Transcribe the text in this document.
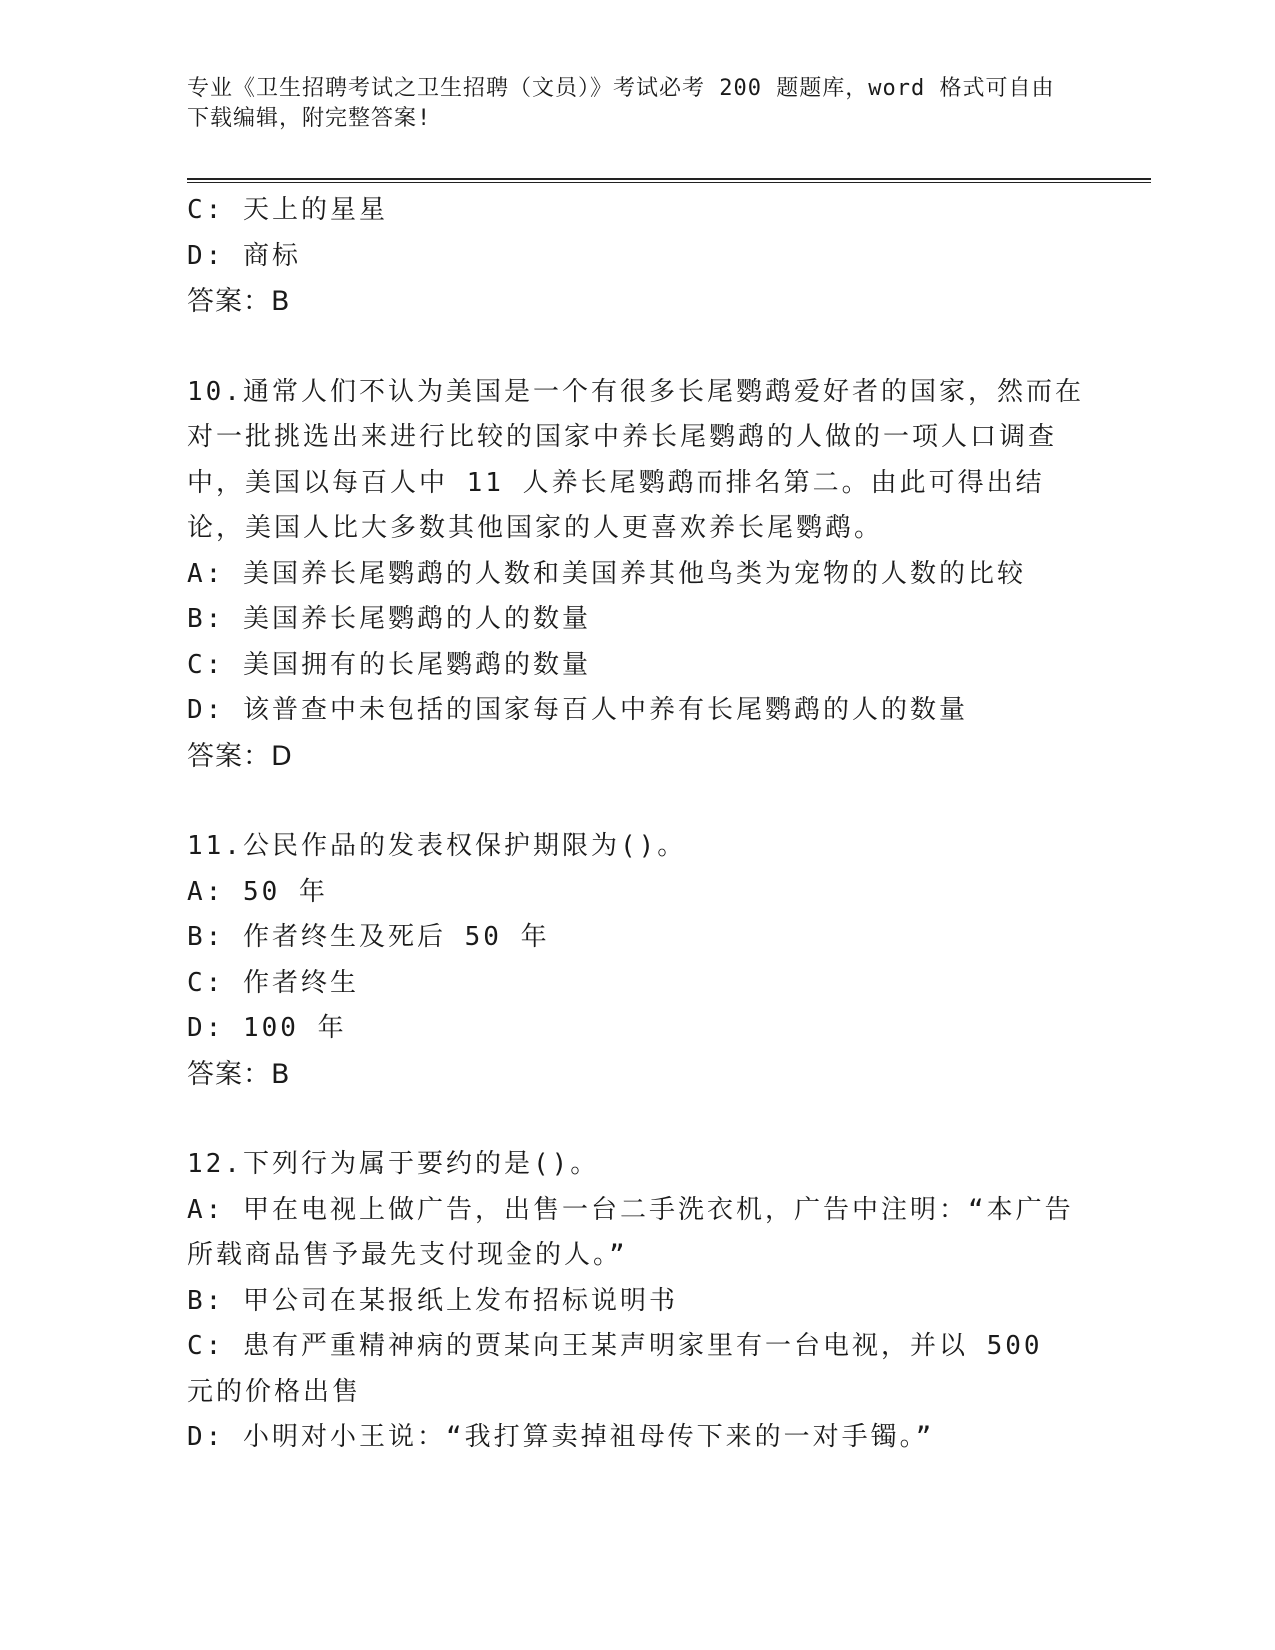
专业《卫生招聘考试之卫生招聘（文员）》考试必考 200 题题库，word 格式可自由下载编辑，附完整答案!
C: 天上的星星
D: 商标
答案：B
10.通常人们不认为美国是一个有很多长尾鹦鹉爱好者的国家，然而在对一批挑选出来进行比较的国家中养长尾鹦鹉的人做的一项人口调查中，美国以每百人中 11 人养长尾鹦鹉而排名第二。由此可得出结论，美国人比大多数其他国家的人更喜欢养长尾鹦鹉。
A: 美国养长尾鹦鹉的人数和美国养其他鸟类为宠物的人数的比较
B: 美国养长尾鹦鹉的人的数量
C: 美国拥有的长尾鹦鹉的数量
D: 该普查中未包括的国家每百人中养有长尾鹦鹉的人的数量
答案：D
11.公民作品的发表权保护期限为()。
A: 50 年
B: 作者终生及死后 50 年
C: 作者终生
D: 100 年
答案：B
12.下列行为属于要约的是()。
A: 甲在电视上做广告，出售一台二手洗衣机，广告中注明：“本广告所载商品售予最先支付现金的人。”
B: 甲公司在某报纸上发布招标说明书
C: 患有严重精神病的贾某向王某声明家里有一台电视，并以 500 元的价格出售
D: 小明对小王说：“我打算卖掉祖母传下来的一对手镯。”
